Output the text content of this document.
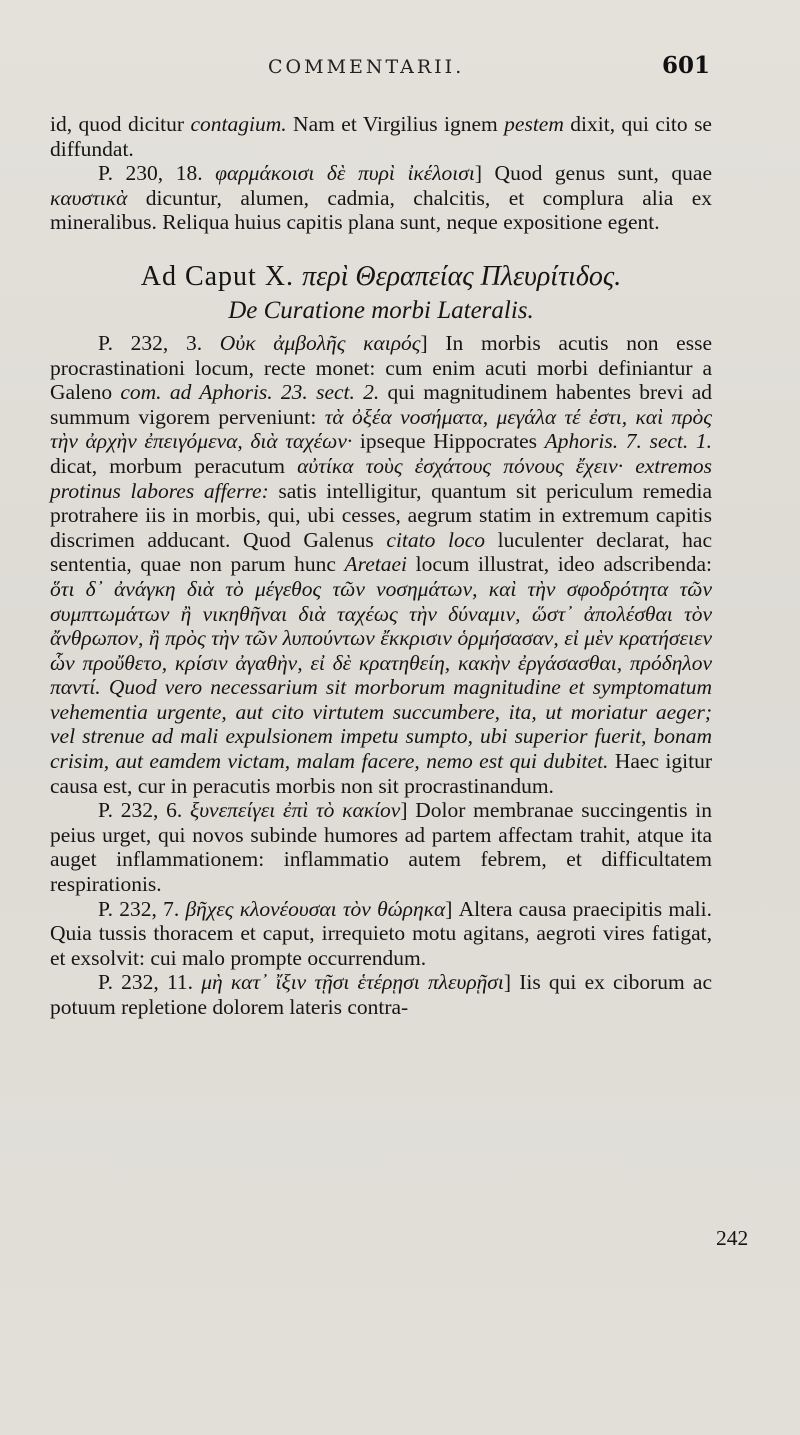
COMMENTARII.	601

id, quod dicitur contagium. Nam et Virgilius ignem pestem dixit, qui cito se diffundat.

P. 230, 18. φαρμάκοισι δὲ πυρὶ ἰκέλοισι] Quod genus sunt, quae καυστικὰ dicuntur, alumen, cadmia, chalcitis, et complura alia ex mineralibus. Reliqua huius capitis plana sunt, neque expositione egent.

Ad Caput X. περὶ Θεραπείας Πλευρίτιδος.
De Curatione morbi Lateralis.

P. 232, 3. Οὐκ ἀμβολῆς καιρός] In morbis acutis non esse procrastinationi locum, recte monet: cum enim acuti morbi definiantur a Galeno com. ad Aphoris. 23. sect. 2. qui magnitudinem habentes brevi ad summum vigorem perveniunt: τὰ ὀξέα νοσήματα, μεγάλα τέ ἐστι, καὶ πρὸς τὴν ἀρχὴν ἐπειγόμενα, διὰ ταχέων· ipseque Hippocrates Aphoris. 7. sect. 1. dicat, morbum peracutum αὐτίκα τοὺς ἐσχάτους πόνους ἔχειν· extremos protinus labores afferre: satis intelligitur, quantum sit periculum remedia protrahere iis in morbis, qui, ubi cesses, aegrum statim in extremum capitis discrimen adducant. Quod Galenus citato loco luculenter declarat, hac sententia, quae non parum hunc Aretaei locum illustrat, ideo adscribenda: ὅτι δ᾽ ἀνάγκη διὰ τὸ μέγεθος τῶν νοσημάτων, καὶ τὴν σφοδρότητα τῶν συμπτωμάτων ἢ νικηθῆναι διὰ ταχέως τὴν δύναμιν, ὥστ᾽ ἀπολέσθαι τὸν ἄνθρωπον, ἢ πρὸς τὴν τῶν λυπούντων ἔκκρισιν ὁρμήσασαν, εἰ μὲν κρατήσειεν ὧν προὔθετο, κρίσιν ἀγαθὴν, εἰ δὲ κρατηθείη, κακὴν ἐργάσασθαι, πρόδηλον παντί. Quod vero necessarium sit morborum magnitudine et symptomatum vehementia urgente, aut cito virtutem succumbere, ita, ut moriatur aeger; vel strenue ad mali expulsionem impetu sumpto, ubi superior fuerit, bonam crisim, aut eamdem victam, malam facere, nemo est qui dubitet. Haec igitur causa est, cur in peracutis morbis non sit procrastinandum.

P. 232, 6. ξυνεπείγει ἐπὶ τὸ κακίον] Dolor membranae succingentis in peius urget, qui novos subinde humores ad partem affectam trahit, atque ita auget inflammationem: inflammatio autem febrem, et difficultatem respirationis.

P. 232, 7. βῆχες κλονέουσαι τὸν θώρηκα] Altera causa praecipitis mali. Quia tussis thoracem et caput, irrequieto motu agitans, aegroti vires fatigat, et exsolvit: cui malo prompte occurrendum.

P. 232, 11. μὴ κατ᾽ ἴξιν τῇσι ἑτέρῃσι πλευρῇσι] Iis qui ex ciborum ac potuum repletione dolorem lateris contra-

242
